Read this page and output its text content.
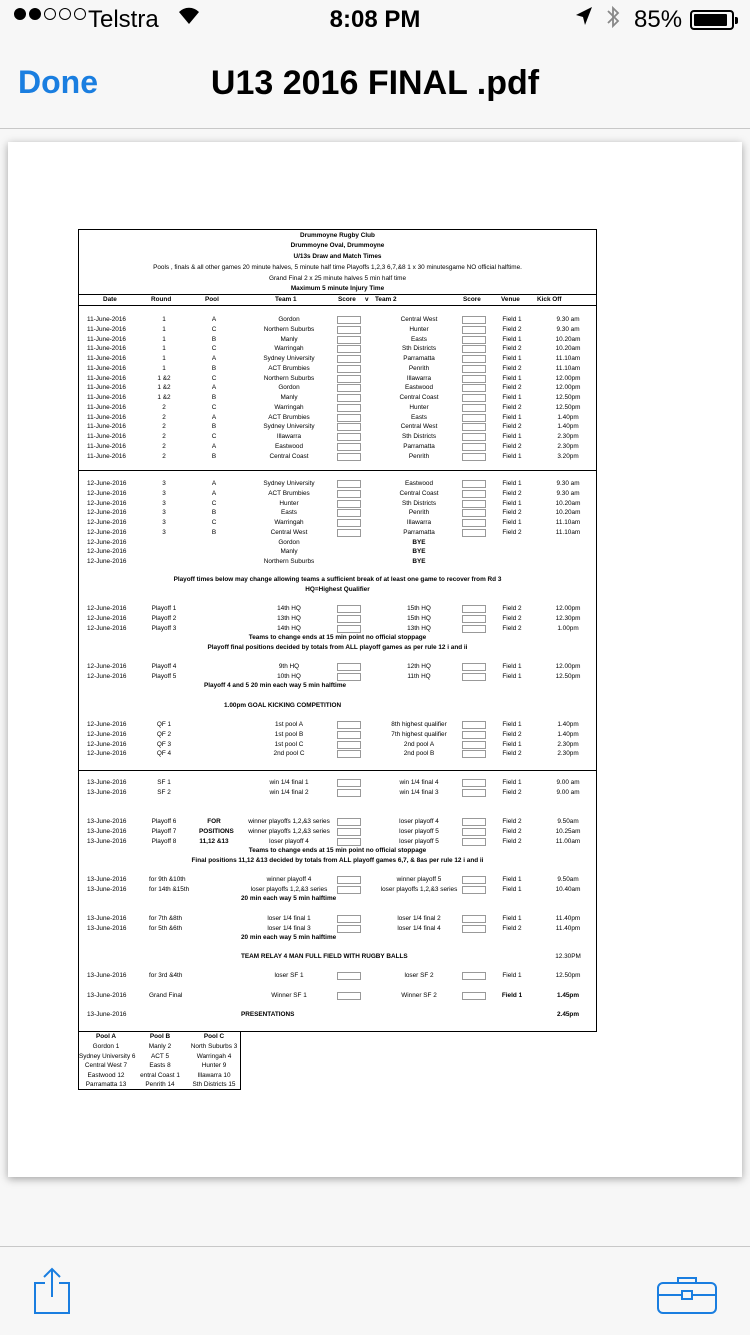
Telstra	8:08 PM	85%
Done	U13 2016 FINAL .pdf
Drummoyne Rugby Club
Drummoyne Oval, Drummoyne
U/13s Draw and Match Times
Pools , finals & all other games 20 minute halves, 5 minute half time Playoffs 1,2,3 6,7,&8 1 x 30 minutesgame NO official halftime.
Grand Final 2 x 25 minute halves 5 min half time
Maximum 5 minute Injury Time
Date	Round	Pool	Team 1	Score v Team 2	Score	Venue	Kick Off
11-June-2016	1	A	Gordon	Central West	Field 1	9.30 am
11-June-2016	1	C	Northern Suburbs	Hunter	Field 2	9.30 am
11-June-2016	1	B	Manly	Easts	Field 1	10.20am
11-June-2016	1	C	Warringah	Sth Districts	Field 2	10.20am
11-June-2016	1	A	Sydney University	Parramatta	Field 1	11.10am
11-June-2016	1	B	ACT Brumbies	Penrith	Field 2	11.10am
11-June-2016	1 &2	C	Northern Suburbs	Illawarra	Field 1	12.00pm
11-June-2016	1 &2	A	Gordon	Eastwood	Field 2	12.00pm
11-June-2016	1 &2	B	Manly	Central Coast	Field 1	12.50pm
11-June-2016	2	C	Warringah	Hunter	Field 2	12.50pm
11-June-2016	2	A	ACT Brumbies	Easts	Field 1	1.40pm
11-June-2016	2	B	Sydney University	Central West	Field 2	1.40pm
11-June-2016	2	C	Illawarra	Sth Districts	Field 1	2.30pm
11-June-2016	2	A	Eastwood	Parramatta	Field 2	2.30pm
11-June-2016	2	B	Central Coast	Penrith	Field 1	3.20pm
12-June-2016	3	A	Sydney University	Eastwood	Field 1	9.30 am
12-June-2016	3	A	ACT Brumbies	Central Coast	Field 2	9.30 am
12-June-2016	3	C	Hunter	Sth Districts	Field 1	10.20am
12-June-2016	3	B	Easts	Penrith	Field 2	10.20am
12-June-2016	3	C	Warringah	Illawarra	Field 1	11.10am
12-June-2016	3	B	Central West	Parramatta	Field 2	11.10am
12-June-2016	Gordon	BYE
12-June-2016	Manly	BYE
12-June-2016	Northern Suburbs	BYE
Playoff times below may change allowing teams a sufficient break of at least one game to recover from Rd 3
HQ=Highest Qualifier
12-June-2016	Playoff 1	14th HQ	15th HQ	Field 2	12.00pm
12-June-2016	Playoff 2	13th HQ	15th HQ	Field 2	12.30pm
12-June-2016	Playoff 3	14th HQ	13th HQ	Field 2	1.00pm
Teams to change ends at 15 min point no official stoppage
Playoff final positions decided by totals from ALL playoff games as per rule 12 i and ii
12-June-2016	Playoff 4	9th HQ	12th HQ	Field 1	12.00pm
12-June-2016	Playoff 5	10th HQ	11th HQ	Field 1	12.50pm
Playoff 4 and 5 20 min each way 5 min halftime
1.00pm GOAL KICKING COMPETITION
12-June-2016	QF 1	1st pool A	8th highest qualifier	Field 1	1.40pm
12-June-2016	QF 2	1st pool B	7th highest qualifier	Field 2	1.40pm
12-June-2016	QF 3	1st pool C	2nd pool A	Field 1	2.30pm
12-June-2016	QF 4	2nd pool C	2nd pool B	Field 2	2.30pm
13-June-2016	SF 1	win 1/4 final 1	win 1/4 final 4	Field 1	9.00 am
13-June-2016	SF 2	win 1/4 final 2	win 1/4 final 3	Field 2	9.00 am
13-June-2016	Playoff 6	FOR	winner playoffs 1,2,&3 series	loser playoff 4	Field 2	9.50am
13-June-2016	Playoff 7	POSITIONS	winner playoffs 1,2,&3 series	loser playoff 5	Field 2	10.25am
13-June-2016	Playoff 8	11,12 &13	loser playoff 4	loser playoff 5	Field 2	11.00am
Teams to change ends at 15 min point no official stoppage
Final positions 11,12 &13 decided by totals from ALL playoff games 6,7, & 8as per rule 12 i and ii
13-June-2016	for 9th &10th	winner playoff 4	winner playoff 5	Field 1	9.50am
13-June-2016	for 14th &15th	loser playoffs 1,2,&3 series	loser playoffs 1,2,&3 series	Field 1	10.40am
20 min each way 5 min halftime
13-June-2016	for 7th &8th	loser 1/4 final 1	loser 1/4 final 2	Field 1	11.40pm
13-June-2016	for 5th &6th	loser 1/4 final 3	loser 1/4 final 4	Field 2	11.40pm
20 min each way 5 min halftime
TEAM RELAY 4 MAN FULL FIELD WITH RUGBY BALLS	12.30PM
13-June-2016	for 3rd &4th	loser SF 1	loser SF 2	Field 1	12.50pm
13-June-2016	Grand Final	Winner SF 1	Winner SF 2	Field 1	1.45pm
13-June-2016	PRESENTATIONS	2.45pm
Pool A	Pool B	Pool C
Gordon 1	Manly 2	North Suburbs 3
Sydney University 6	ACT 5	Warringah 4
Central West 7	Easts 8	Hunter 9
Eastwood 12	entral Coast 1	Illawarra 10
Parramatta 13	Penrith 14	Sth Districts 15
